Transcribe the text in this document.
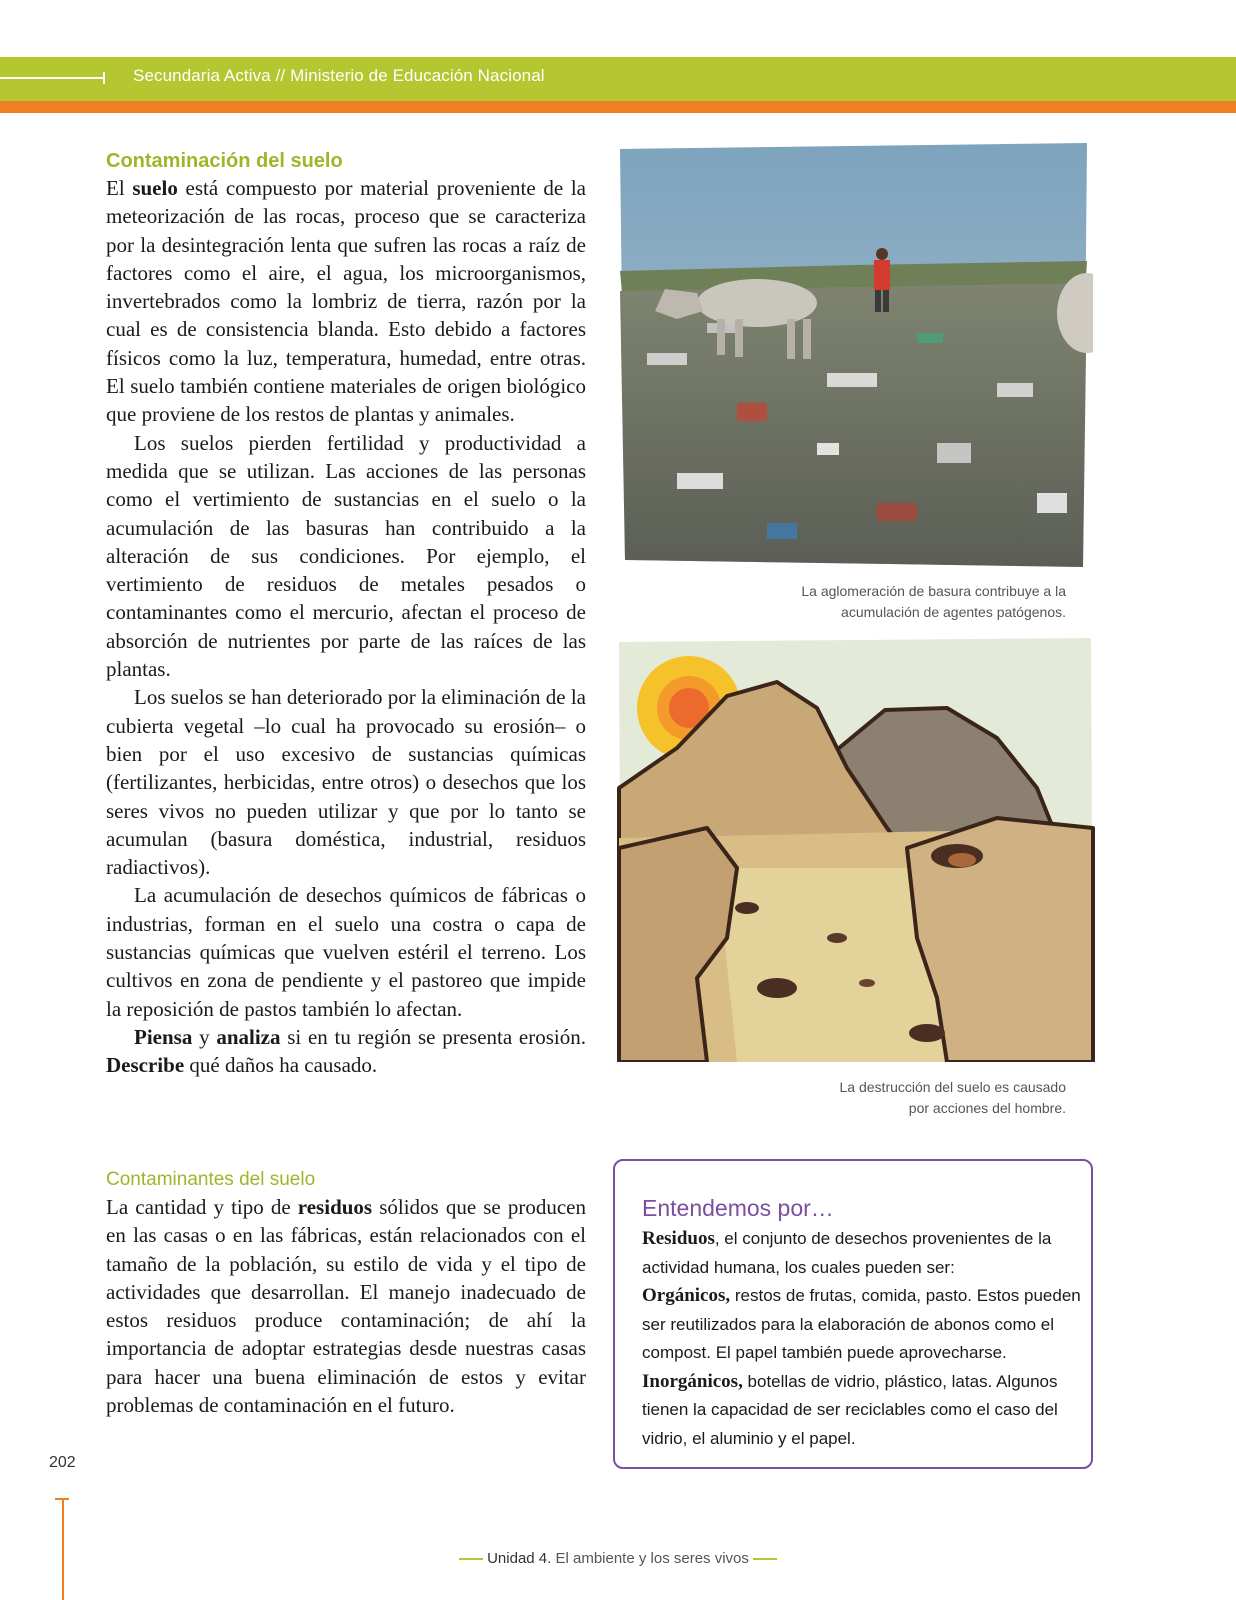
Secundaria Activa // Ministerio de Educación Nacional
Contaminación del suelo

El suelo está compuesto por material proveniente de la meteorización de las rocas, proceso que se caracteriza por la desintegración lenta que sufren las rocas a raíz de factores como el aire, el agua, los microorganismos, invertebrados como la lombriz de tierra, razón por la cual es de consistencia blanda. Esto debido a factores físicos como la luz, temperatura, humedad, entre otras. El suelo también contiene materiales de origen biológico que proviene de los restos de plantas y animales.

Los suelos pierden fertilidad y productividad a medida que se utilizan. Las acciones de las personas como el vertimiento de sustancias en el suelo o la acumulación de las basuras han contribuido a la alteración de sus condiciones. Por ejemplo, el vertimiento de residuos de metales pesados o contaminantes como el mercurio, afectan el proceso de absorción de nutrientes por parte de las raíces de las plantas.

Los suelos se han deteriorado por la eliminación de la cubierta vegetal –lo cual ha provocado su erosión– o bien por el uso excesivo de sustancias químicas (fertilizantes, herbicidas, entre otros) o desechos que los seres vivos no pueden utilizar y que por lo tanto se acumulan (basura doméstica, industrial, residuos radiactivos).

La acumulación de desechos químicos de fábricas o industrias, forman en el suelo una costra o capa de sustancias químicas que vuelven estéril el terreno. Los cultivos en zona de pendiente y el pastoreo que impide la reposición de pastos también lo afectan.

Piensa y analiza si en tu región se presenta erosión. Describe qué daños ha causado.

Contaminantes del suelo

La cantidad y tipo de residuos sólidos que se producen en las casas o en las fábricas, están relacionados con el tamaño de la población, su estilo de vida y el tipo de actividades que desarrollan. El manejo inadecuado de estos residuos produce contaminación; de ahí la importancia de adoptar estrategias desde nuestras casas para hacer una buena eliminación de estos y evitar problemas de contaminación en el futuro.

La aglomeración de basura contribuye a la
acumulación de agentes patógenos.
La destrucción del suelo es causado
por acciones del hombre.
Entendemos por…

Residuos, el conjunto de desechos provenientes de la actividad humana, los cuales pueden ser:

Orgánicos, restos de frutas, comida, pasto. Estos pueden ser reutilizados para la elaboración de abonos como el compost. El papel también puede aprovecharse.

Inorgánicos, botellas de vidrio, plástico, latas. Algunos tienen la capacidad de ser reciclables como el caso del vidrio, el aluminio y el papel.

202
Unidad 4. El ambiente y los seres vivos
